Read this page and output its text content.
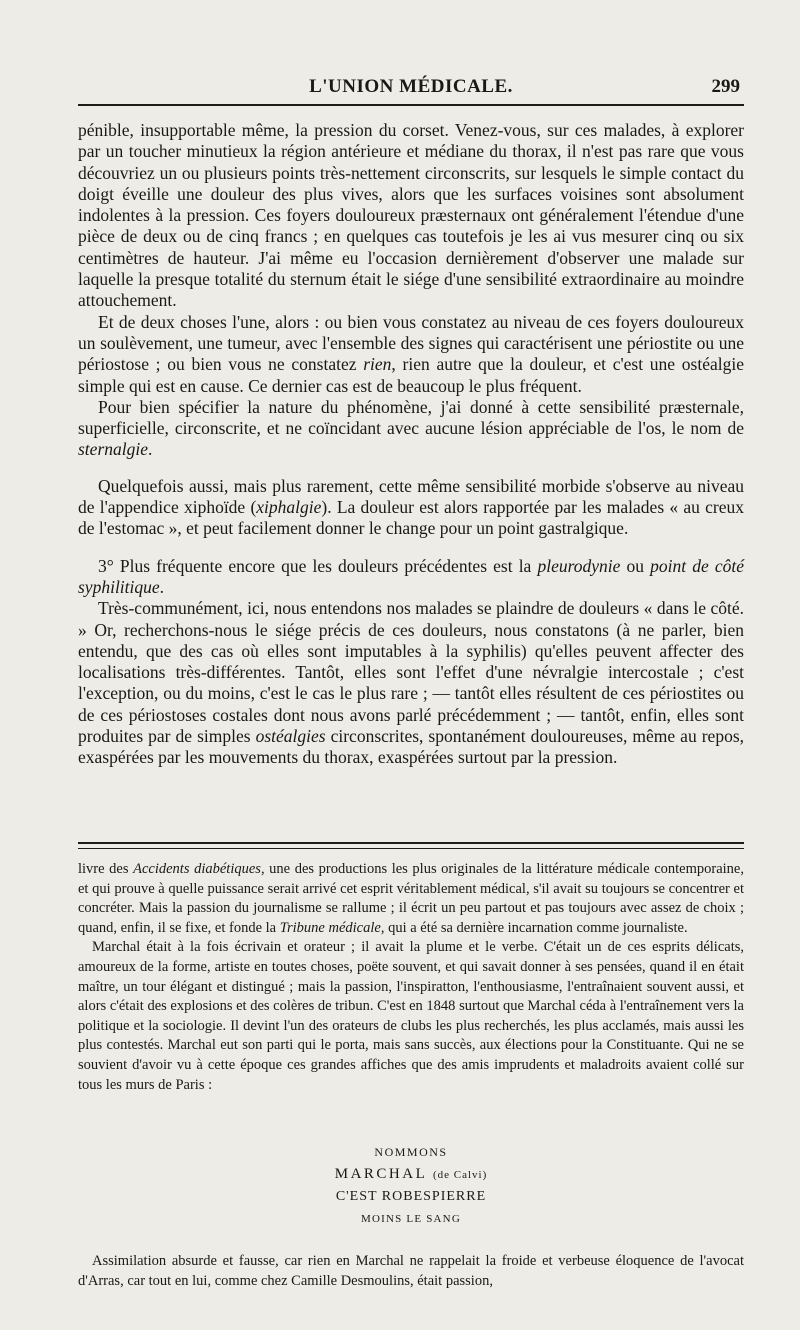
L'UNION MÉDICALE.	299

pénible, insupportable même, la pression du corset. Venez-vous, sur ces malades, à explorer par un toucher minutieux la région antérieure et médiane du thorax, il n'est pas rare que vous découvriez un ou plusieurs points très-nettement circonscrits, sur lesquels le simple contact du doigt éveille une douleur des plus vives, alors que les surfaces voisines sont absolument indolentes à la pression. Ces foyers douloureux præsternaux ont généralement l'étendue d'une pièce de deux ou de cinq francs ; en quelques cas toutefois je les ai vus mesurer cinq ou six centimètres de hauteur. J'ai même eu l'occasion dernièrement d'observer une malade sur laquelle la presque totalité du sternum était le siége d'une sensibilité extraordinaire au moindre attouchement.

Et de deux choses l'une, alors : ou bien vous constatez au niveau de ces foyers douloureux un soulèvement, une tumeur, avec l'ensemble des signes qui caractérisent une périostite ou une périostose ; ou bien vous ne constatez rien, rien autre que la douleur, et c'est une ostéalgie simple qui est en cause. Ce dernier cas est de beaucoup le plus fréquent.

Pour bien spécifier la nature du phénomène, j'ai donné à cette sensibilité præsternale, superficielle, circonscrite, et ne coïncidant avec aucune lésion appréciable de l'os, le nom de sternalgie.

Quelquefois aussi, mais plus rarement, cette même sensibilité morbide s'observe au niveau de l'appendice xiphoïde (xiphalgie). La douleur est alors rapportée par les malades « au creux de l'estomac », et peut facilement donner le change pour un point gastralgique.

3° Plus fréquente encore que les douleurs précédentes est la pleurodynie ou point de côté syphilitique.

Très-communément, ici, nous entendons nos malades se plaindre de douleurs « dans le côté. » Or, recherchons-nous le siége précis de ces douleurs, nous constatons (à ne parler, bien entendu, que des cas où elles sont imputables à la syphilis) qu'elles peuvent affecter des localisations très-différentes. Tantôt, elles sont l'effet d'une névralgie intercostale ; c'est l'exception, ou du moins, c'est le cas le plus rare ; — tantôt elles résultent de ces périostites ou de ces périostoses costales dont nous avons parlé précédemment ; — tantôt, enfin, elles sont produites par de simples ostéalgies circonscrites, spontanément douloureuses, même au repos, exaspérées par les mouvements du thorax, exaspérées surtout par la pression.

livre des Accidents diabétiques, une des productions les plus originales de la littérature médicale contemporaine, et qui prouve à quelle puissance serait arrivé cet esprit véritablement médical, s'il avait su toujours se concentrer et concréter. Mais la passion du journalisme se rallume ; il écrit un peu partout et pas toujours avec assez de choix ; quand, enfin, il se fixe, et fonde la Tribune médicale, qui a été sa dernière incarnation comme journaliste.

Marchal était à la fois écrivain et orateur ; il avait la plume et le verbe. C'était un de ces esprits délicats, amoureux de la forme, artiste en toutes choses, poëte souvent, et qui savait donner à ses pensées, quand il en était maître, un tour élégant et distingué ; mais la passion, l'inspiratton, l'enthousiasme, l'entraînaient souvent aussi, et alors c'était des explosions et des colères de tribun. C'est en 1848 surtout que Marchal céda à l'entraînement vers la politique et la sociologie. Il devint l'un des orateurs de clubs les plus recherchés, les plus acclamés, mais aussi les plus contestés. Marchal eut son parti qui le porta, mais sans succès, aux élections pour la Constituante. Qui ne se souvient d'avoir vu à cette époque ces grandes affiches que des amis imprudents et maladroits avaient collé sur tous les murs de Paris :

NOMMONS
MARCHAL (de Calvi)
C'EST ROBESPIERRE
MOINS LE SANG

Assimilation absurde et fausse, car rien en Marchal ne rappelait la froide et verbeuse éloquence de l'avocat d'Arras, car tout en lui, comme chez Camille Desmoulins, était passion,
